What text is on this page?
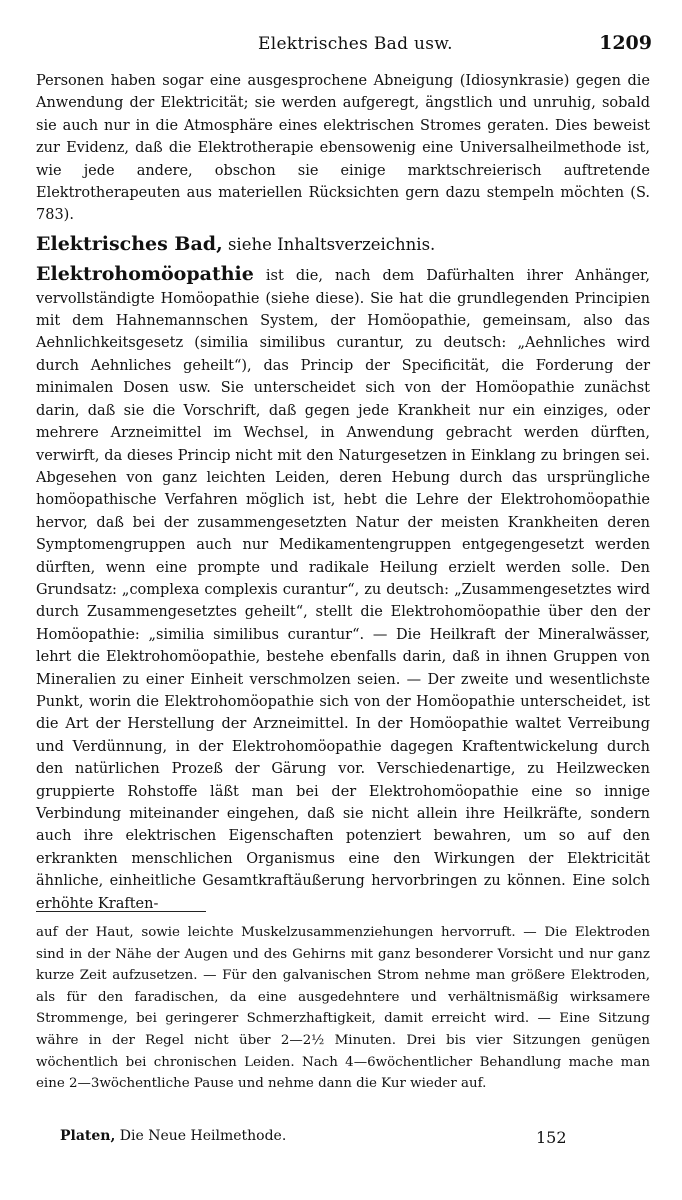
Elektrisches Bad usw.	1209

Personen haben sogar eine ausgesprochene Abneigung (Idiosynkrasie) gegen die Anwendung der Elektricität; sie werden aufgeregt, ängstlich und unruhig, sobald sie auch nur in die Atmosphäre eines elektrischen Stromes geraten. Dies beweist zur Evidenz, daß die Elektrotherapie ebensowenig eine Universalheilmethode ist, wie jede andere, obschon sie einige marktschreierisch auftretende Elektrotherapeuten aus materiellen Rücksichten gern dazu stempeln möchten (S. 783).

Elektrisches Bad, siehe Inhaltsverzeichnis.

Elektrohomöopathie ist die, nach dem Dafürhalten ihrer Anhänger, vervollständigte Homöopathie (siehe diese). Sie hat die grundlegenden Principien mit dem Hahnemannschen System, der Homöopathie, gemeinsam, also das Aehnlichkeitsgesetz (similia similibus curantur, zu deutsch: „Aehnliches wird durch Aehnliches geheilt“), das Princip der Specificität, die Forderung der minimalen Dosen usw. Sie unterscheidet sich von der Homöopathie zunächst darin, daß sie die Vorschrift, daß gegen jede Krankheit nur ein einziges, oder mehrere Arzneimittel im Wechsel, in Anwendung gebracht werden dürften, verwirft, da dieses Princip nicht mit den Naturgesetzen in Einklang zu bringen sei. Abgesehen von ganz leichten Leiden, deren Hebung durch das ursprüngliche homöopathische Verfahren möglich ist, hebt die Lehre der Elektrohomöopathie hervor, daß bei der zusammengesetzten Natur der meisten Krankheiten deren Symptomengruppen auch nur Medikamentengruppen entgegengesetzt werden dürften, wenn eine prompte und radikale Heilung erzielt werden solle. Den Grundsatz: „complexa complexis curantur“, zu deutsch: „Zusammengesetztes wird durch Zusammengesetztes geheilt“, stellt die Elektrohomöopathie über den der Homöopathie: „similia similibus curantur“. — Die Heilkraft der Mineralwässer, lehrt die Elektrohomöopathie, bestehe ebenfalls darin, daß in ihnen Gruppen von Mineralien zu einer Einheit verschmolzen seien. — Der zweite und wesentlichste Punkt, worin die Elektrohomöopathie sich von der Homöopathie unterscheidet, ist die Art der Herstellung der Arzneimittel. In der Homöopathie waltet Verreibung und Verdünnung, in der Elektrohomöopathie dagegen Kraftentwickelung durch den natürlichen Prozeß der Gärung vor. Verschiedenartige, zu Heilzwecken gruppierte Rohstoffe läßt man bei der Elektrohomöopathie eine so innige Verbindung miteinander eingehen, daß sie nicht allein ihre Heilkräfte, sondern auch ihre elektrischen Eigenschaften potenziert bewahren, um so auf den erkrankten menschlichen Organismus eine den Wirkungen der Elektricität ähnliche, einheitliche Gesamtkraftäußerung hervorbringen zu können. Eine solch erhöhte Kraften-

auf der Haut, sowie leichte Muskelzusammenziehungen hervorruft. — Die Elektroden sind in der Nähe der Augen und des Gehirns mit ganz besonderer Vorsicht und nur ganz kurze Zeit aufzusetzen. — Für den galvanischen Strom nehme man größere Elektroden, als für den faradischen, da eine ausgedehntere und verhältnismäßig wirksamere Strommenge, bei geringerer Schmerzhaftigkeit, damit erreicht wird. — Eine Sitzung währe in der Regel nicht über 2—2½ Minuten. Drei bis vier Sitzungen genügen wöchentlich bei chronischen Leiden. Nach 4—6wöchentlicher Behandlung mache man eine 2—3wöchentliche Pause und nehme dann die Kur wieder auf.

Platen, Die Neue Heilmethode.	152
